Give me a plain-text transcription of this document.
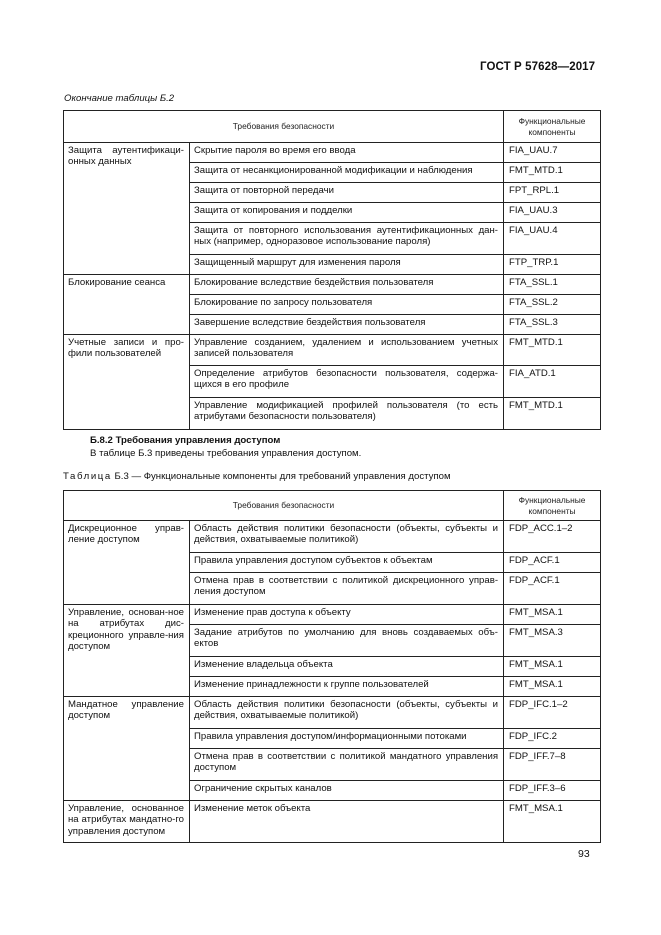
ГОСТ Р 57628—2017
Окончание таблицы Б.2
Требования безопасности		Функциональные компоненты
Защита аутентификаци-онных данных	Скрытие пароля во время его ввода	FIA_UAU.7
	Защита от несанкционированной модификации и наблюдения	FMT_MTD.1
	Защита от повторной передачи	FPT_RPL.1
	Защита от копирования и подделки	FIA_UAU.3
	Защита от повторного использования аутентификационных дан-ных (например, одноразовое использование пароля)	FIA_UAU.4
	Защищенный маршрут для изменения пароля	FTP_TRP.1
Блокирование сеанса	Блокирование вследствие бездействия пользователя	FTA_SSL.1
	Блокирование по запросу пользователя	FTA_SSL.2
	Завершение вследствие бездействия пользователя	FTA_SSL.3
Учетные записи и про-фили пользователей	Управление созданием, удалением и использованием учетных записей пользователя	FMT_MTD.1
	Определение атрибутов безопасности пользователя, содержа-щихся в его профиле	FIA_ATD.1
	Управление модификацией профилей пользователя (то есть атрибутами безопасности пользователя)	FMT_MTD.1
Б.8.2 Требования управления доступом
В таблице Б.3 приведены требования управления доступом.
Таблица Б.3 — Функциональные компоненты для требований управления доступом
Требования безопасности		Функциональные компоненты
Дискреционное управ-ление доступом	Область действия политики безопасности (объекты, субъекты и действия, охватываемые политикой)	FDP_ACC.1–2
	Правила управления доступом субъектов к объектам	FDP_ACF.1
	Отмена прав в соответствии с политикой дискреционного управ-ления доступом	FDP_ACF.1
Управление, основан-ное на атрибутах дис-креционного управле-ния доступом	Изменение прав доступа к объекту	FMT_MSA.1
	Задание атрибутов по умолчанию для вновь создаваемых объ-ектов	FMT_MSA.3
	Изменение владельца объекта	FMT_MSA.1
	Изменение принадлежности к группе пользователей	FMT_MSA.1
Мандатное управление доступом	Область действия политики безопасности (объекты, субъекты и действия, охватываемые политикой)	FDP_IFC.1–2
	Правила управления доступом/информационными потоками	FDP_IFC.2
	Отмена прав в соответствии с политикой мандатного управления доступом	FDP_IFF.7–8
	Ограничение скрытых каналов	FDP_IFF.3–6
Управление, основанное на атрибутах мандатно-го управления доступом	Изменение меток объекта	FMT_MSA.1
93
